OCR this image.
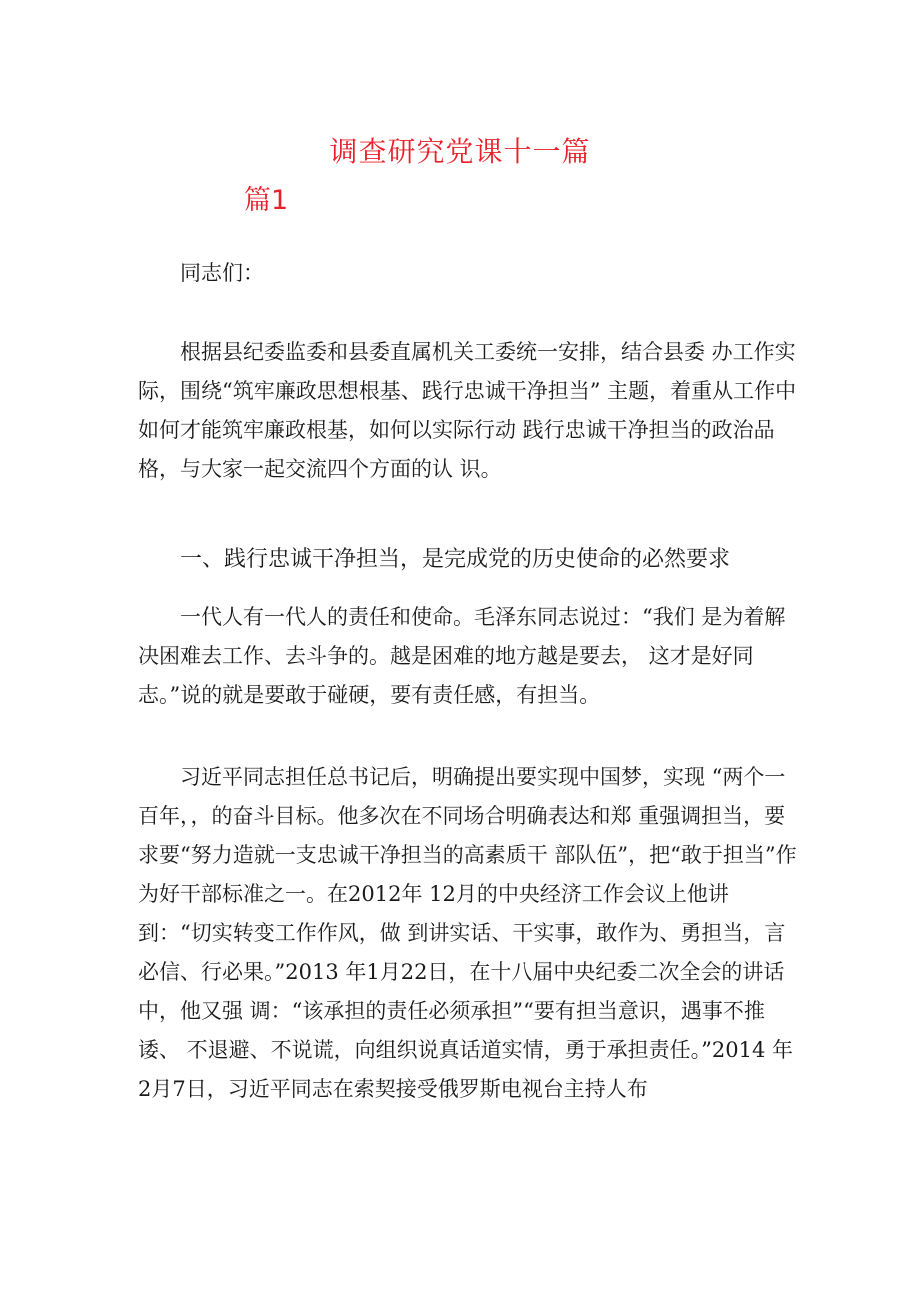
调查研究党课十一篇
篇1

同志们：

根据县纪委监委和县委直属机关工委统一安排，结合县委 办工作实际，围绕“筑牢廉政思想根基、践行忠诚干净担当” 主题，着重从工作中如何才能筑牢廉政根基，如何以实际行动 践行忠诚干净担当的政治品格，与大家一起交流四个方面的认 识。

一、践行忠诚干净担当，是完成党的历史使命的必然要求

一代人有一代人的责任和使命。毛泽东同志说过：“我们 是为着解决困难去工作、去斗争的。越是困难的地方越是要去， 这才是好同志。”说的就是要敢于碰硬，要有责任感，有担当。

习近平同志担任总书记后，明确提出要实现中国梦，实现 “两个一百年，，的奋斗目标。他多次在不同场合明确表达和郑 重强调担当，要求要“努力造就一支忠诚干净担当的高素质干 部队伍”，把“敢于担当”作为好干部标准之一。在2012年 12月的中央经济工作会议上他讲到：“切实转变工作作风，做 到讲实话、干实事，敢作为、勇担当，言必信、行必果。”2013 年1月22日，在十八届中央纪委二次全会的讲话中，他又强 调：“该承担的责任必须承担”“要有担当意识，遇事不推诿、 不退避、不说谎，向组织说真话道实情，勇于承担责任。”2014 年2月7日，习近平同志在索契接受俄罗斯电视台主持人布
